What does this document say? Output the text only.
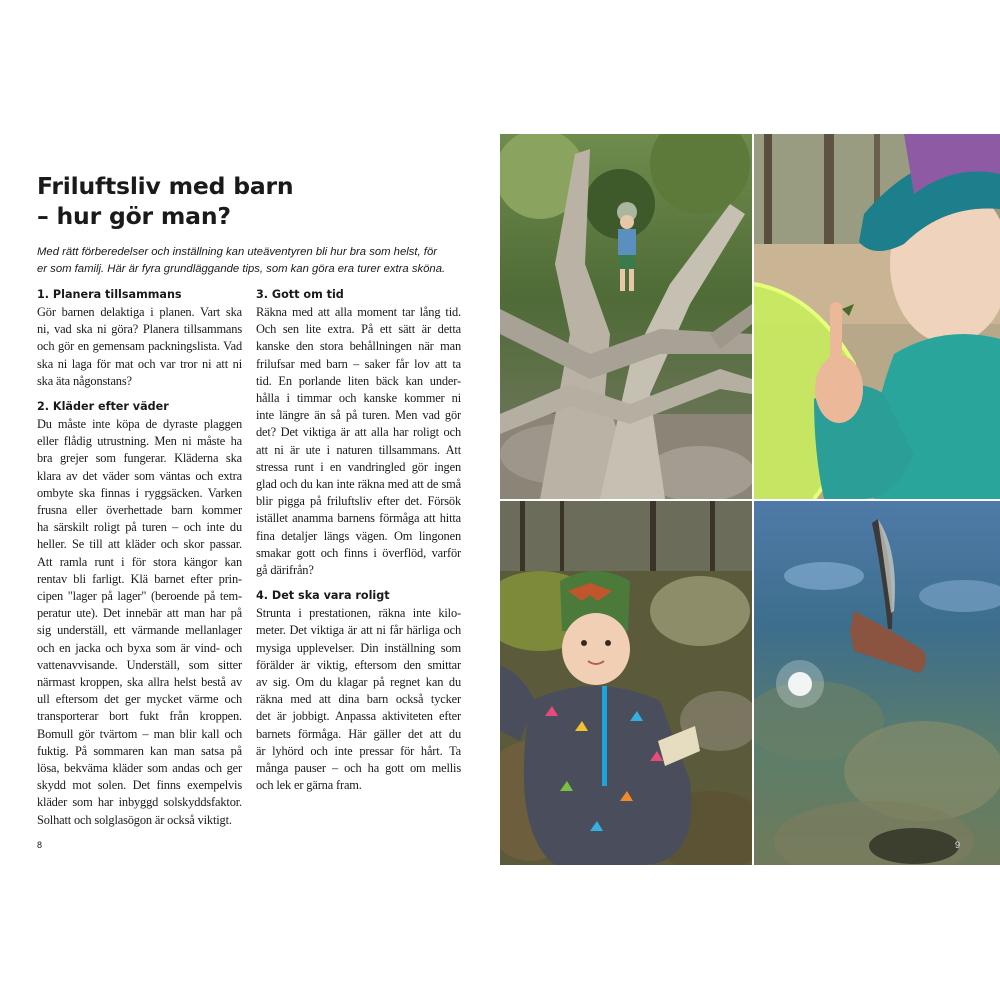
Friluftsliv med barn
– hur gör man?
Med rätt förberedelser och inställning kan uteäventyren bli hur bra som helst, för
er som familj. Här är fyra grundläggande tips, som kan göra era turer extra sköna.
1. Planera tillsammans
Gör barnen delaktiga i planen. Vart ska
ni, vad ska ni göra? Planera tillsammans
och gör en gemensam packningslista. Vad
ska ni laga för mat och var tror ni att ni
ska äta någonstans?
2. Kläder efter väder
Du måste inte köpa de dyraste plaggen
eller flådig utrustning. Men ni måste ha
bra grejer som fungerar. Kläderna ska
klara av det väder som väntas och extra
ombyte ska finnas i ryggsäcken. Varken
frusna eller överhettade barn kommer
ha särskilt roligt på turen – och inte du
heller. Se till att kläder och skor passar.
Att ramla runt i för stora kängor kan
rentav bli farligt. Klä barnet efter prin-
cipen "lager på lager" (beroende på tem-
peratur ute). Det innebär att man har på
sig underställ, ett värmande mellanlager
och en jacka och byxa som är vind- och
vattenavvisande. Underställ, som sitter
närmast kroppen, ska allra helst bestå av
ull eftersom det ger mycket värme och
transporterar bort fukt från kroppen.
Bomull gör tvärtom – man blir kall och
fuktig. På sommaren kan man satsa på
lösa, bekväma kläder som andas och ger
skydd mot solen. Det finns exempelvis
kläder som har inbyggd solskyddsfaktor.
Solhatt och solglasögon är också viktigt.
3. Gott om tid
Räkna med att alla moment tar lång tid.
Och sen lite extra. På ett sätt är detta
kanske den stora behållningen när man
frilufsar med barn – saker får lov att ta
tid. En porlande liten bäck kan under-
hålla i timmar och kanske kommer ni
inte längre än så på turen. Men vad gör
det? Det viktiga är att alla har roligt och
att ni är ute i naturen tillsammans. Att
stressa runt i en vandringled gör ingen
glad och du kan inte räkna med att de små
blir pigga på friluftsliv efter det. Försök
istället anamma barnens förmåga att hitta
fina detaljer längs vägen. Om lingonen
smakar gott och finns i överflöd, varför
gå därifrån?
4. Det ska vara roligt
Strunta i prestationen, räkna inte kilo-
meter. Det viktiga är att ni får härliga och
mysiga upplevelser. Din inställning som
förälder är viktig, eftersom den smittar
av sig. Om du klagar på regnet kan du
räkna med att dina barn också tycker
det är jobbigt. Anpassa aktiviteten efter
barnets förmåga. Här gäller det att du
är lyhörd och inte pressar för hårt. Ta
många pauser – och ha gott om mellis
och lek er gärna fram.
8	9
